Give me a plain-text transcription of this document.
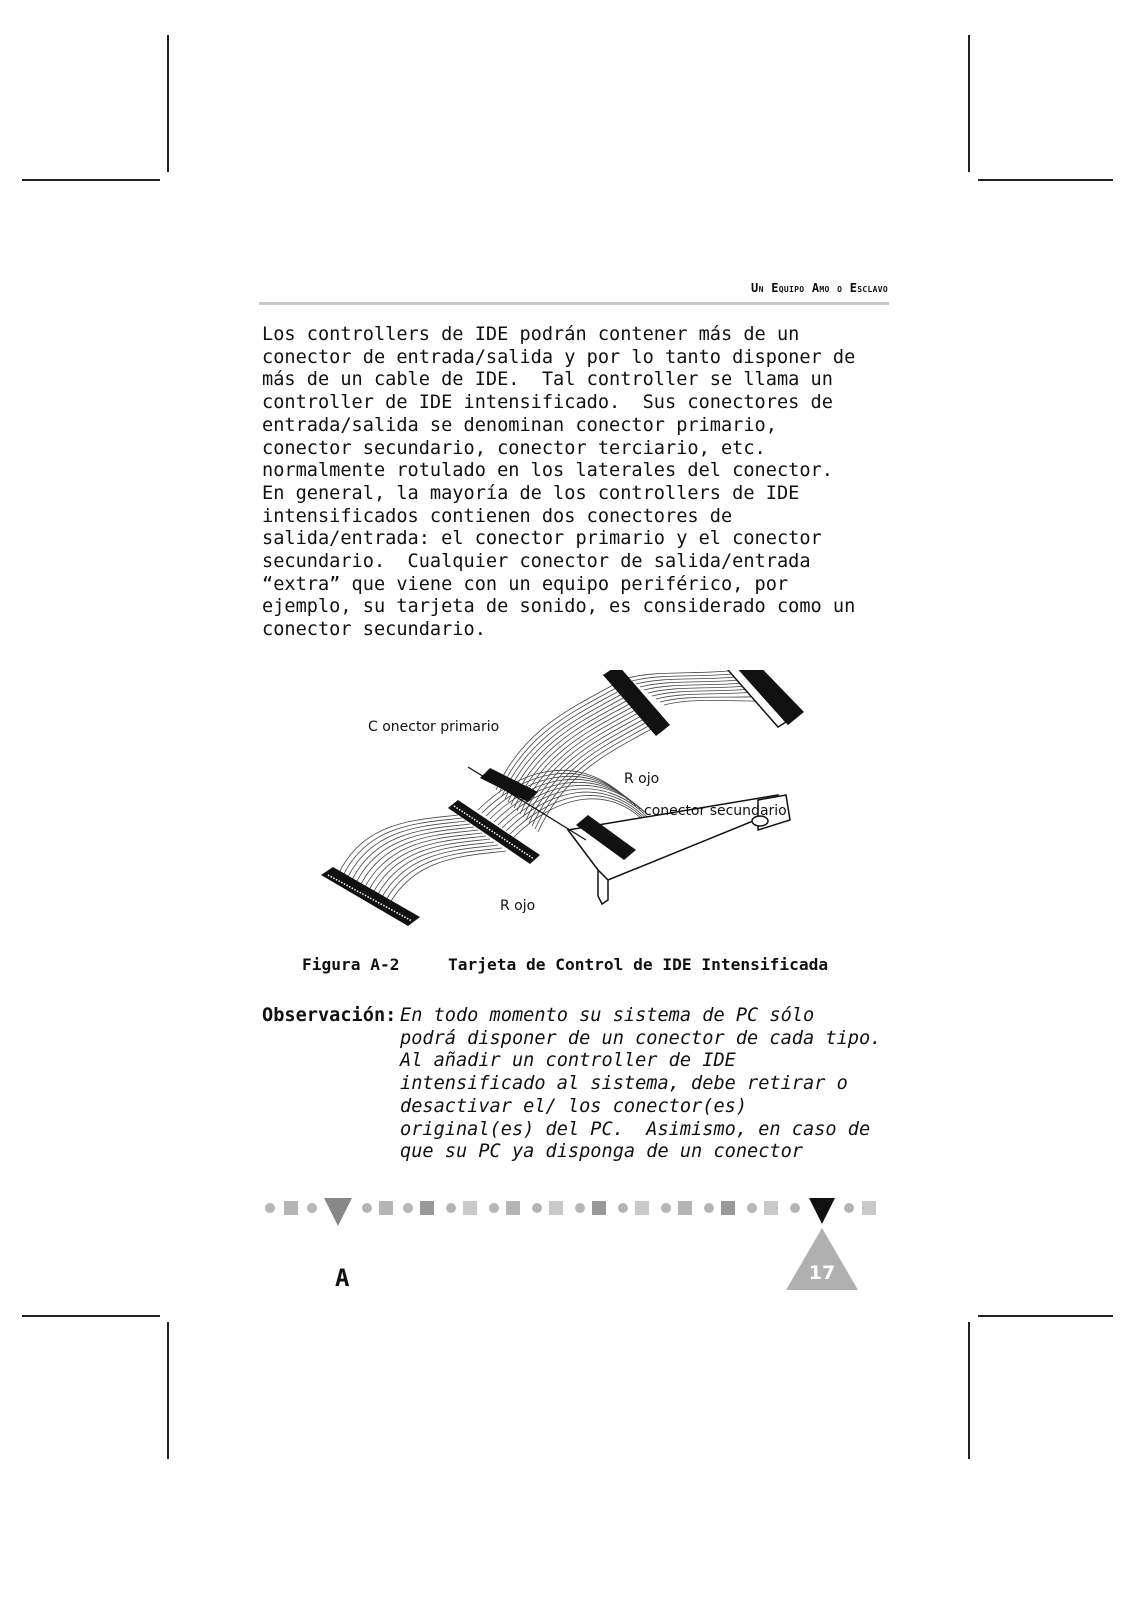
Un Equipo Amo o Esclavo
Los controllers de IDE podrán contener más de un
conector de entrada/salida y por lo tanto disponer de
más de un cable de IDE.  Tal controller se llama un
controller de IDE intensificado.  Sus conectores de
entrada/salida se denominan conector primario,
conector secundario, conector terciario, etc.
normalmente rotulado en los laterales del conector.
En general, la mayoría de los controllers de IDE
intensificados contienen dos conectores de
salida/entrada: el conector primario y el conector
secundario.  Cualquier conector de salida/entrada
“extra” que viene con un equipo periférico, por
ejemplo, su tarjeta de sonido, es considerado como un
conector secundario.
C onector primario
R ojo
conector secundario
R ojo
Figura A-2	Tarjeta de Control de IDE Intensificada
Observación: En todo momento su sistema de PC sólo
podrá disponer de un conector de cada tipo.
Al añadir un controller de IDE
intensificado al sistema, debe retirar o
desactivar el/ los conector(es)
original(es) del PC.  Asimismo, en caso de
que su PC ya disponga de un conector
A	17
